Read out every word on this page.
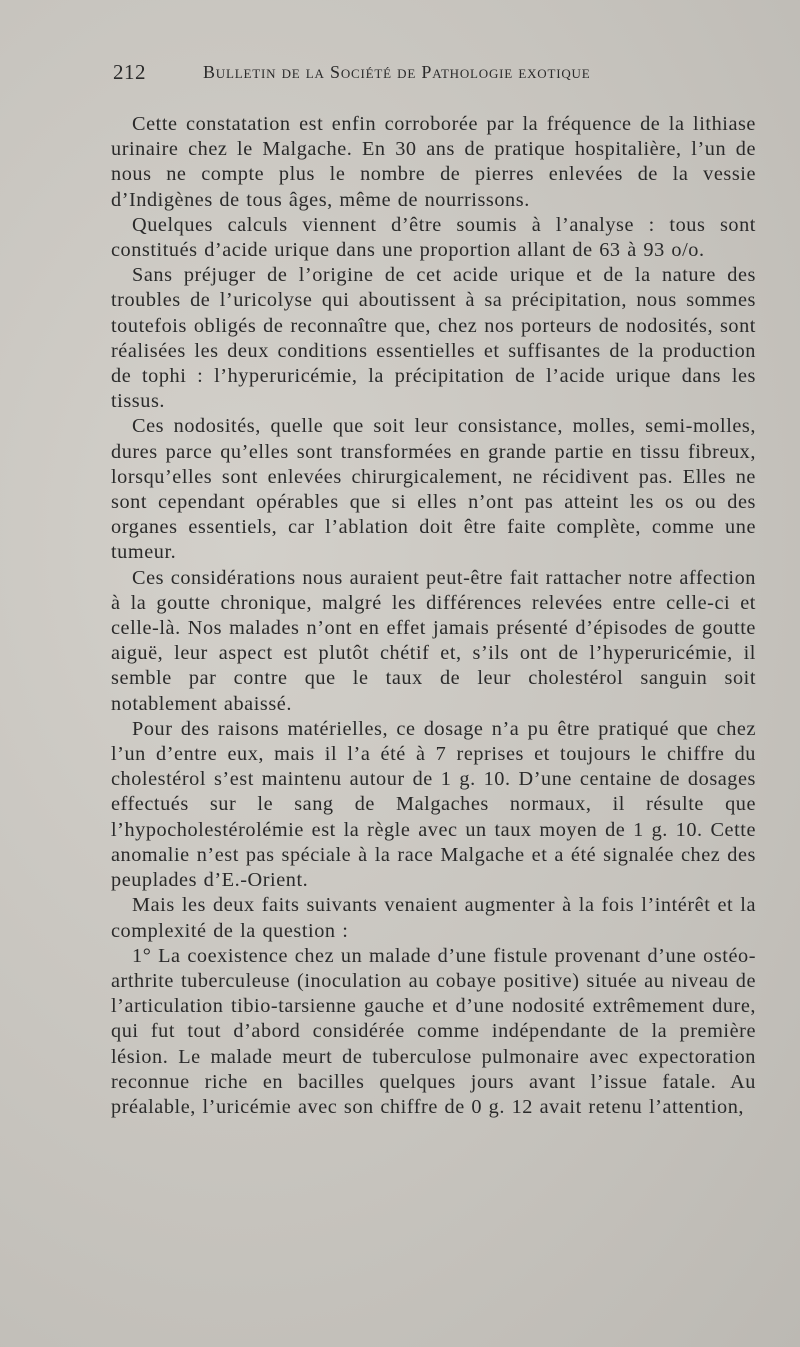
212	Bulletin de la Société de Pathologie exotique

Cette constatation est enfin corroborée par la fréquence de la lithiase urinaire chez le Malgache. En 30 ans de pratique hospitalière, l’un de nous ne compte plus le nombre de pierres enlevées de la vessie d’Indigènes de tous âges, même de nourrissons.

Quelques calculs viennent d’être soumis à l’analyse : tous sont constitués d’acide urique dans une proportion allant de 63 à 93 o/o.

Sans préjuger de l’origine de cet acide urique et de la nature des troubles de l’uricolyse qui aboutissent à sa précipitation, nous sommes toutefois obligés de reconnaître que, chez nos porteurs de nodosités, sont réalisées les deux conditions essentielles et suffisantes de la production de tophi : l’hyperuricémie, la précipitation de l’acide urique dans les tissus.

Ces nodosités, quelle que soit leur consistance, molles, semi-molles, dures parce qu’elles sont transformées en grande partie en tissu fibreux, lorsqu’elles sont enlevées chirurgicalement, ne récidivent pas. Elles ne sont cependant opérables que si elles n’ont pas atteint les os ou des organes essentiels, car l’ablation doit être faite complète, comme une tumeur.

Ces considérations nous auraient peut-être fait rattacher notre affection à la goutte chronique, malgré les différences relevées entre celle-ci et celle-là. Nos malades n’ont en effet jamais présenté d’épisodes de goutte aiguë, leur aspect est plutôt chétif et, s’ils ont de l’hyperuricémie, il semble par contre que le taux de leur cholestérol sanguin soit notablement abaissé.

Pour des raisons matérielles, ce dosage n’a pu être pratiqué que chez l’un d’entre eux, mais il l’a été à 7 reprises et toujours le chiffre du cholestérol s’est maintenu autour de 1 g. 10. D’une centaine de dosages effectués sur le sang de Malgaches normaux, il résulte que l’hypocholestérolémie est la règle avec un taux moyen de 1 g. 10. Cette anomalie n’est pas spéciale à la race Malgache et a été signalée chez des peuplades d’E.-Orient.

Mais les deux faits suivants venaient augmenter à la fois l’intérêt et la complexité de la question :

1° La coexistence chez un malade d’une fistule provenant d’une ostéo-arthrite tuberculeuse (inoculation au cobaye positive) située au niveau de l’articulation tibio-tarsienne gauche et d’une nodosité extrêmement dure, qui fut tout d’abord considérée comme indépendante de la première lésion. Le malade meurt de tuberculose pulmonaire avec expectoration reconnue riche en bacilles quelques jours avant l’issue fatale. Au préalable, l’uricémie avec son chiffre de 0 g. 12 avait retenu l’attention,
